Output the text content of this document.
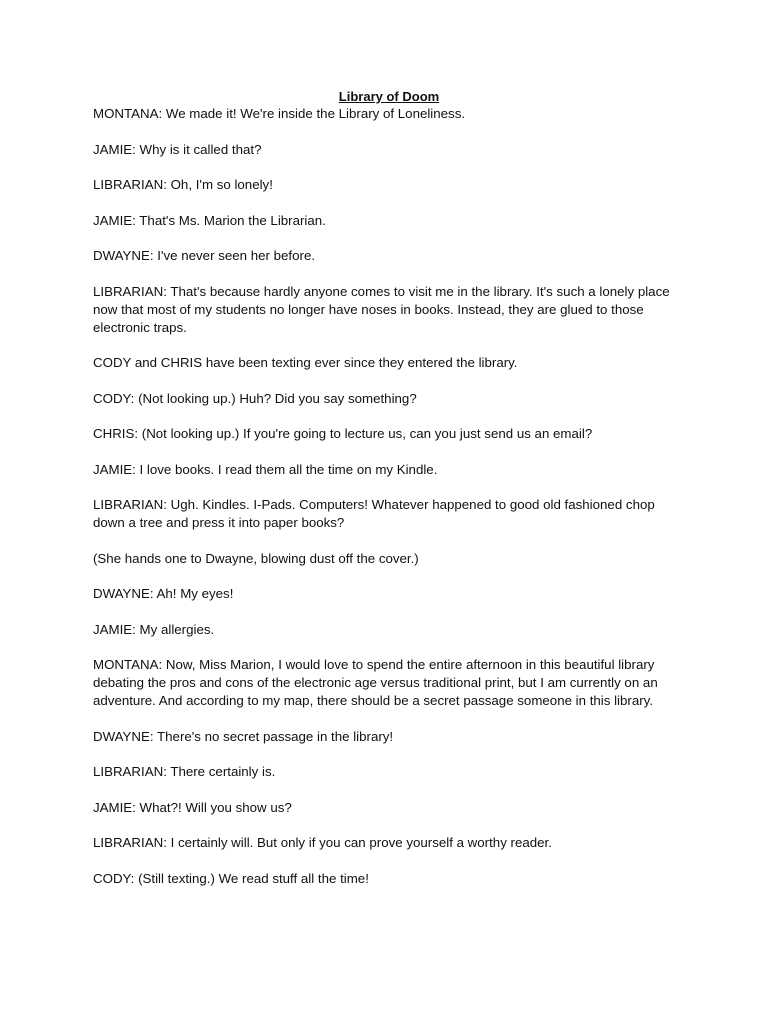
Library of Doom

MONTANA: We made it! We're inside the Library of Loneliness.

JAMIE: Why is it called that?

LIBRARIAN: Oh, I'm so lonely!

JAMIE: That's Ms. Marion the Librarian.

DWAYNE: I've never seen her before.

LIBRARIAN: That's because hardly anyone comes to visit me in the library. It's such a lonely place now that most of my students no longer have noses in books. Instead, they are glued to those electronic traps.

CODY and CHRIS have been texting ever since they entered the library.

CODY: (Not looking up.) Huh? Did you say something?

CHRIS: (Not looking up.) If you're going to lecture us, can you just send us an email?

JAMIE: I love books. I read them all the time on my Kindle.

LIBRARIAN: Ugh. Kindles. I-Pads. Computers! Whatever happened to good old fashioned chop down a tree and press it into paper books?

(She hands one to Dwayne, blowing dust off the cover.)

DWAYNE: Ah! My eyes!

JAMIE: My allergies.

MONTANA: Now, Miss Marion, I would love to spend the entire afternoon in this beautiful library debating the pros and cons of the electronic age versus traditional print, but I am currently on an adventure. And according to my map, there should be a secret passage someone in this library.

DWAYNE: There's no secret passage in the library!

LIBRARIAN: There certainly is.

JAMIE: What?! Will you show us?

LIBRARIAN: I certainly will. But only if you can prove yourself a worthy reader.

CODY: (Still texting.) We read stuff all the time!
